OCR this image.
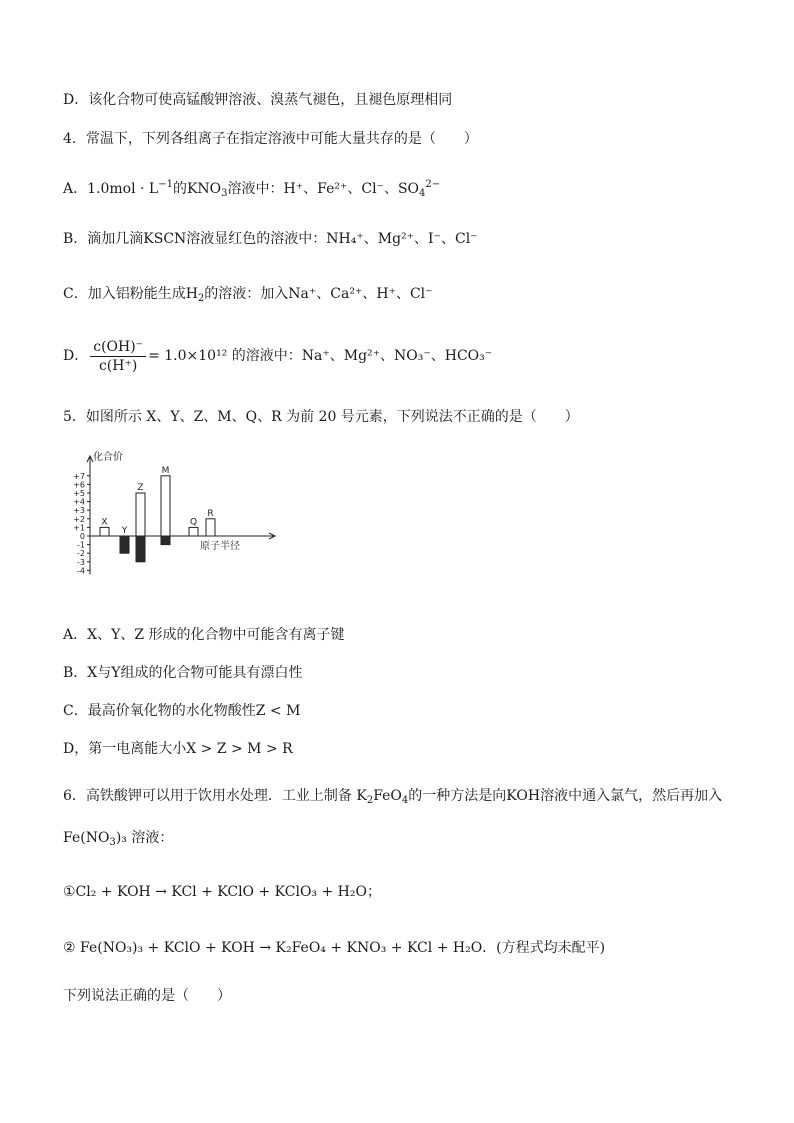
D．该化合物可使高锰酸钾溶液、溴蒸气褪色，且褪色原理相同
4．常温下，下列各组离子在指定溶液中可能大量共存的是（　　）
A．$1.0mol \cdot L^{-1}$的$KNO_3$溶液中：H⁺、Fe²⁺、Cl⁻、$SO_4^{2-}$
B．滴加几滴KSCN溶液显红色的溶液中：NH₄⁺、Mg²⁺、I⁻、Cl⁻
C．加入铝粉能生成$H_2$的溶液：加入Na⁺、Ca²⁺、H⁺、Cl⁻
D． $\frac{c(OH)^-}{c(H^+)} = 1.0\times 10^{12}$ 的溶液中：Na⁺、Mg²⁺、NO₃⁻、HCO₃⁻
5．如图所示 X、Y、Z、M、Q、R 为前 20 号元素，下列说法不正确的是（　　）
化合价
原子半径
+7
+6
+5
+4
+3
+2
+1
0
-1
-2
-3
-4
X
Y
Z
M
Q
R
A．X、Y、Z 形成的化合物中可能含有离子键
B．X与Y组成的化合物可能具有漂白性
C．最高价氧化物的水化物酸性Z < M
D，第一电离能大小X > Z > M > R
6．高铁酸钾可以用于饮用水处理．工业上制备 $K_2FeO_4$的一种方法是向KOH溶液中通入氯气，然后再加入
$Fe(NO_3)_3$ 溶液：
①Cl₂ + KOH → KCl + KClO + KClO₃ + H₂O；
② Fe(NO₃)₃ + KClO + KOH → K₂FeO₄ + KNO₃ + KCl + H₂O．(方程式均未配平)
下列说法正确的是（　　）
